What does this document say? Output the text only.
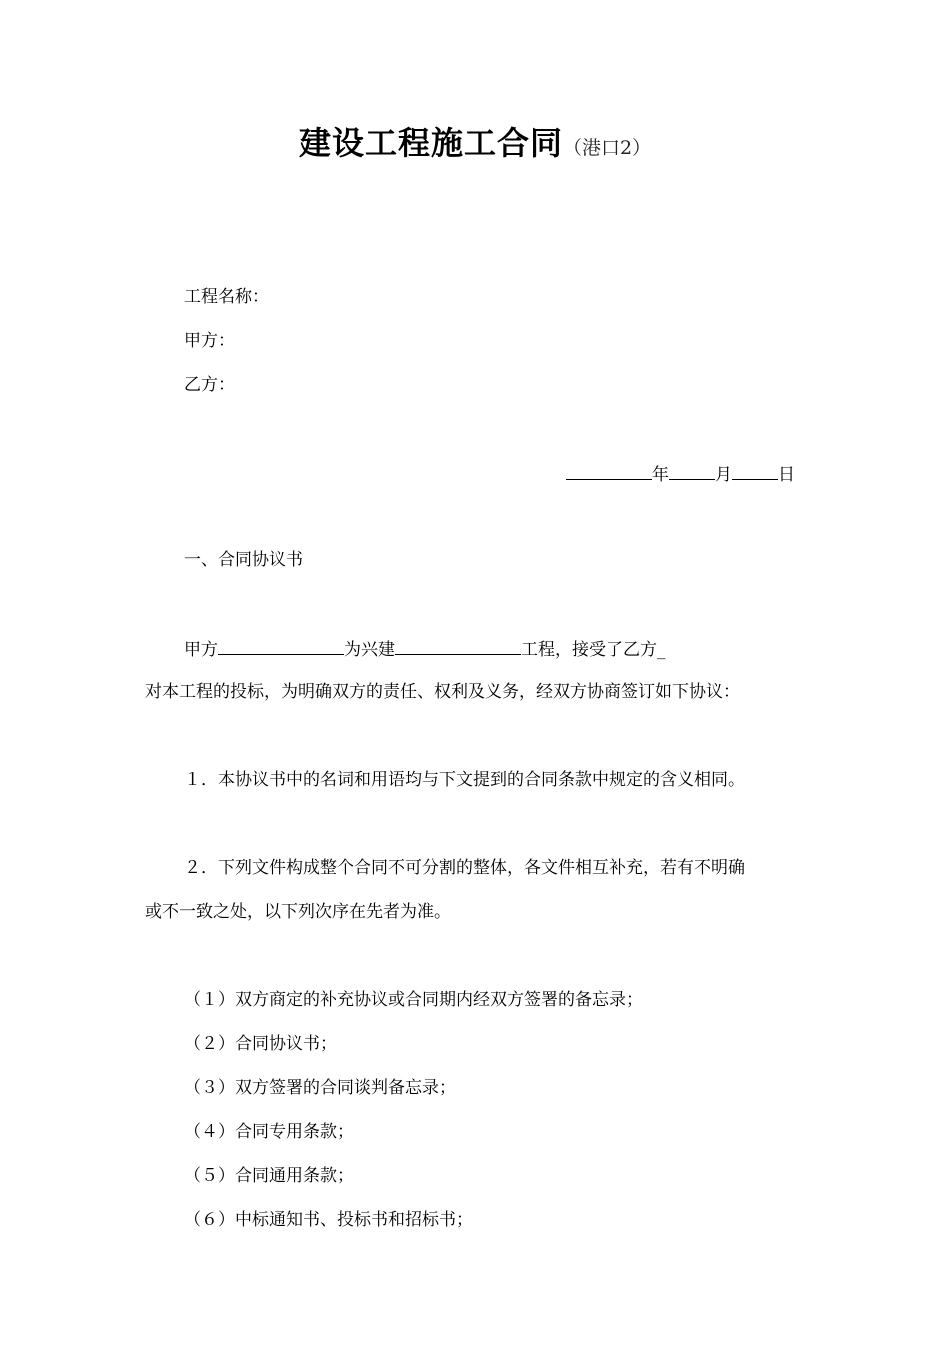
建设工程施工合同（港口2）
工程名称：
甲方：
乙方：
年	月	日
一、合同协议书
甲方	为兴建	工程，接受了乙方_
对本工程的投标，为明确双方的责任、权利及义务，经双方协商签订如下协议：
１．本协议书中的名词和用语均与下文提到的合同条款中规定的含义相同。
２．下列文件构成整个合同不可分割的整体，各文件相互补充，若有不明确
或不一致之处，以下列次序在先者为准。
（１）双方商定的补充协议或合同期内经双方签署的备忘录；
（２）合同协议书；
（３）双方签署的合同谈判备忘录；
（４）合同专用条款；
（５）合同通用条款；
（６）中标通知书、投标书和招标书；
